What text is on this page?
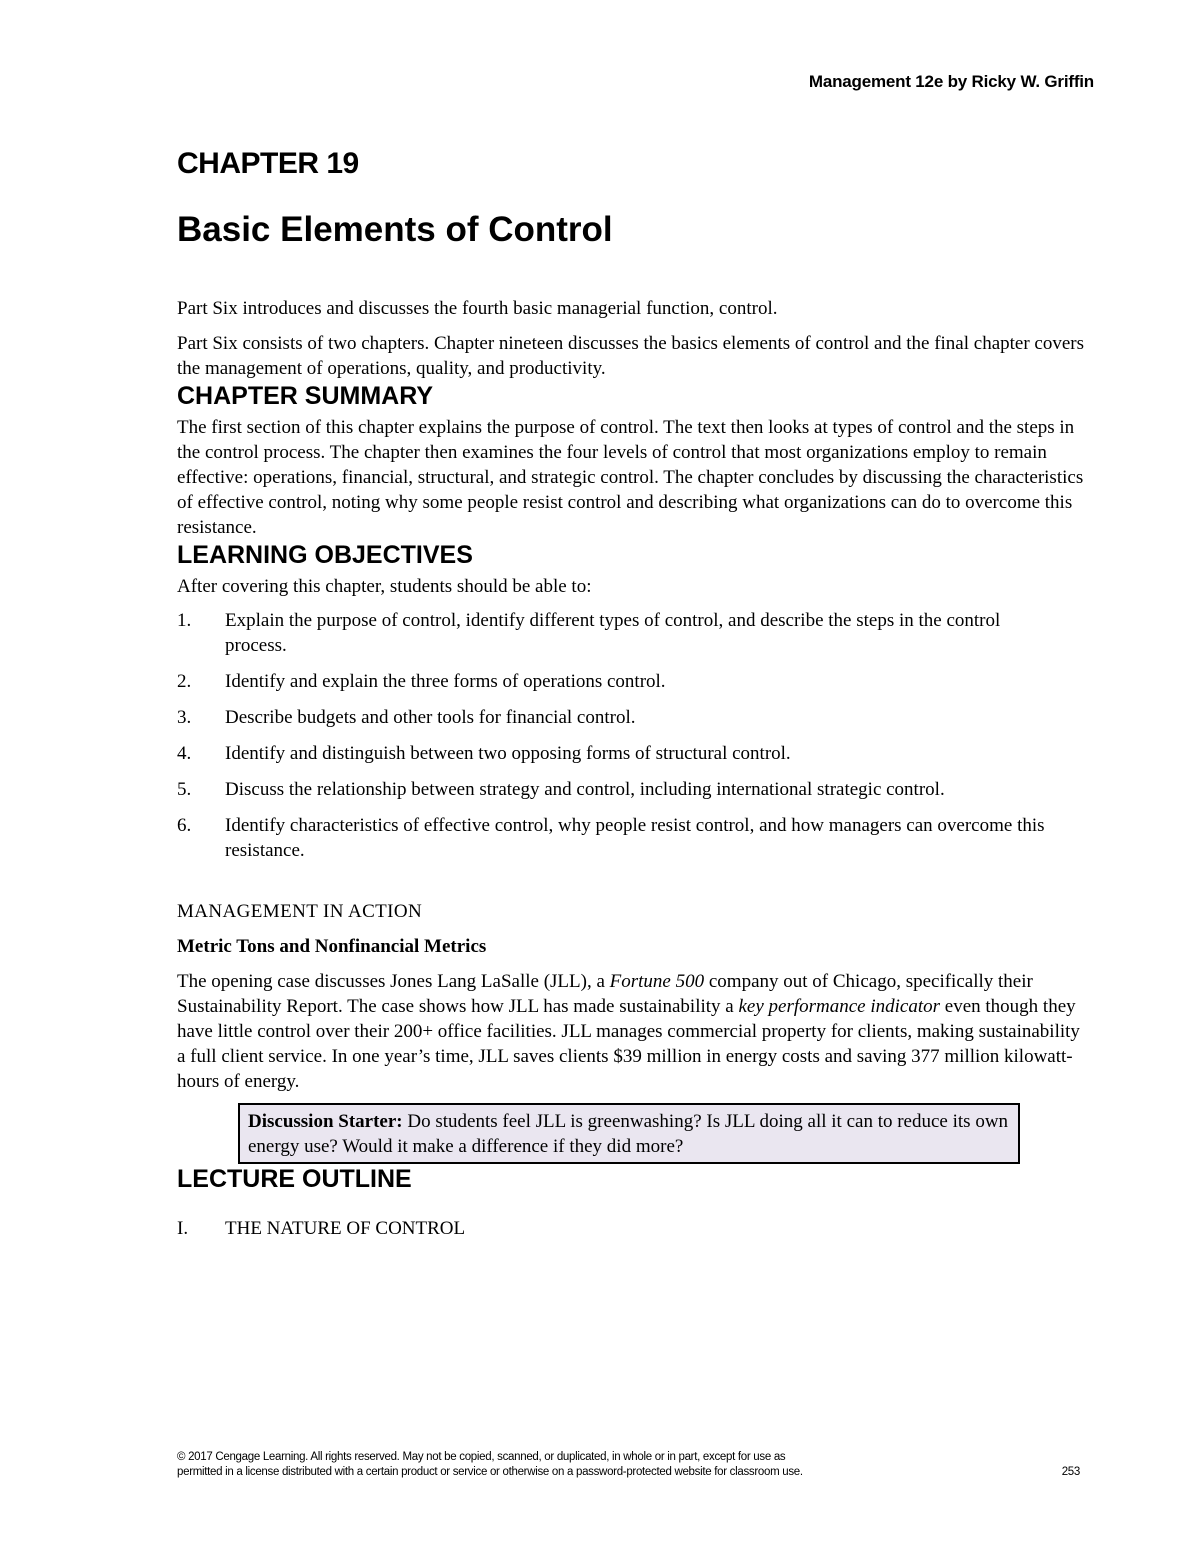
Management 12e by Ricky W. Griffin
CHAPTER 19
Basic Elements of Control

Part Six introduces and discusses the fourth basic managerial function, control.

Part Six consists of two chapters. Chapter nineteen discusses the basics elements of control and the final chapter covers the management of operations, quality, and productivity.

CHAPTER SUMMARY

The first section of this chapter explains the purpose of control. The text then looks at types of control and the steps in the control process. The chapter then examines the four levels of control that most organizations employ to remain effective: operations, financial, structural, and strategic control. The chapter concludes by discussing the characteristics of effective control, noting why some people resist control and describing what organizations can do to overcome this resistance.

LEARNING OBJECTIVES

After covering this chapter, students should be able to:

1.	Explain the purpose of control, identify different types of control, and describe the steps in the control process.
2.	Identify and explain the three forms of operations control.
3.	Describe budgets and other tools for financial control.
4.	Identify and distinguish between two opposing forms of structural control.
5.	Discuss the relationship between strategy and control, including international strategic control.
6.	Identify characteristics of effective control, why people resist control, and how managers can overcome this resistance.
MANAGEMENT IN ACTION
Metric Tons and Nonfinancial Metrics

The opening case discusses Jones Lang LaSalle (JLL), a Fortune 500 company out of Chicago, specifically their Sustainability Report. The case shows how JLL has made sustainability a key performance indicator even though they have little control over their 200+ office facilities. JLL manages commercial property for clients, making sustainability a full client service. In one year’s time, JLL saves clients $39 million in energy costs and saving 377 million kilowatt-hours of energy.

Discussion Starter: Do students feel JLL is greenwashing? Is JLL doing all it can to reduce its own energy use? Would it make a difference if they did more?
LECTURE OUTLINE
I.	THE NATURE OF CONTROL
© 2017 Cengage Learning. All rights reserved. May not be copied, scanned, or duplicated, in whole or in part, except for use as
permitted in a license distributed with a certain product or service or otherwise on a password-protected website for classroom use.	253
